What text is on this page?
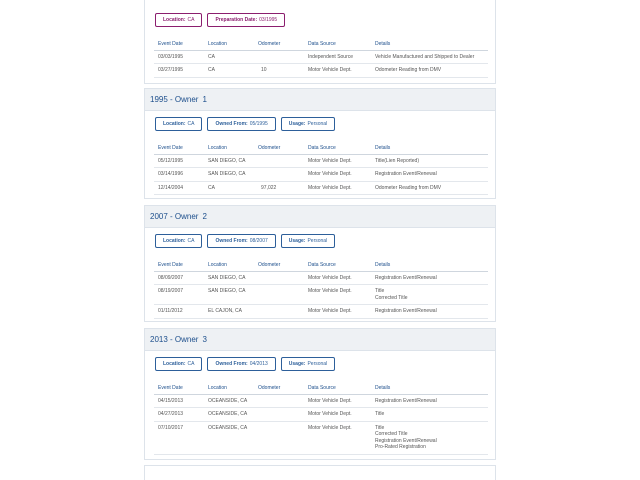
Location: CA	Preparation Date: 03/1995
Event Date	Location	Odometer	Data Source	Details
03/03/1995	CA		Independent Source	Vehicle Manufactured and Shipped to Dealer

03/27/1995	CA	10	Motor Vehicle Dept.	Odometer Reading from DMV
1995 - Owner 1
Location: CA	Owned From: 05/1995	Usage: Personal
Event Date	Location	Odometer	Data Source	Details
05/12/1995	SAN DIEGO, CA		Motor Vehicle Dept.	Title(Lien Reported)

03/14/1996	SAN DIEGO, CA		Motor Vehicle Dept.	Registration Event/Renewal

12/14/2004	CA	97,022	Motor Vehicle Dept.	Odometer Reading from DMV
2007 - Owner 2
Location: CA	Owned From: 08/2007	Usage: Personal
Event Date	Location	Odometer	Data Source	Details
08/09/2007	SAN DIEGO, CA		Motor Vehicle Dept.	Registration Event/Renewal

08/19/2007	SAN DIEGO, CA		Motor Vehicle Dept.	Title
Corrected Title

01/11/2012	EL CAJON, CA		Motor Vehicle Dept.	Registration Event/Renewal
2013 - Owner 3
Location: CA	Owned From: 04/2013	Usage: Personal
Event Date	Location	Odometer	Data Source	Details
04/15/2013	OCEANSIDE, CA		Motor Vehicle Dept.	Registration Event/Renewal

04/27/2013	OCEANSIDE, CA		Motor Vehicle Dept.	Title

07/10/2017	OCEANSIDE, CA		Motor Vehicle Dept.	Title
Corrected Title
Registration Event/Renewal
Pro-Rated Registration
